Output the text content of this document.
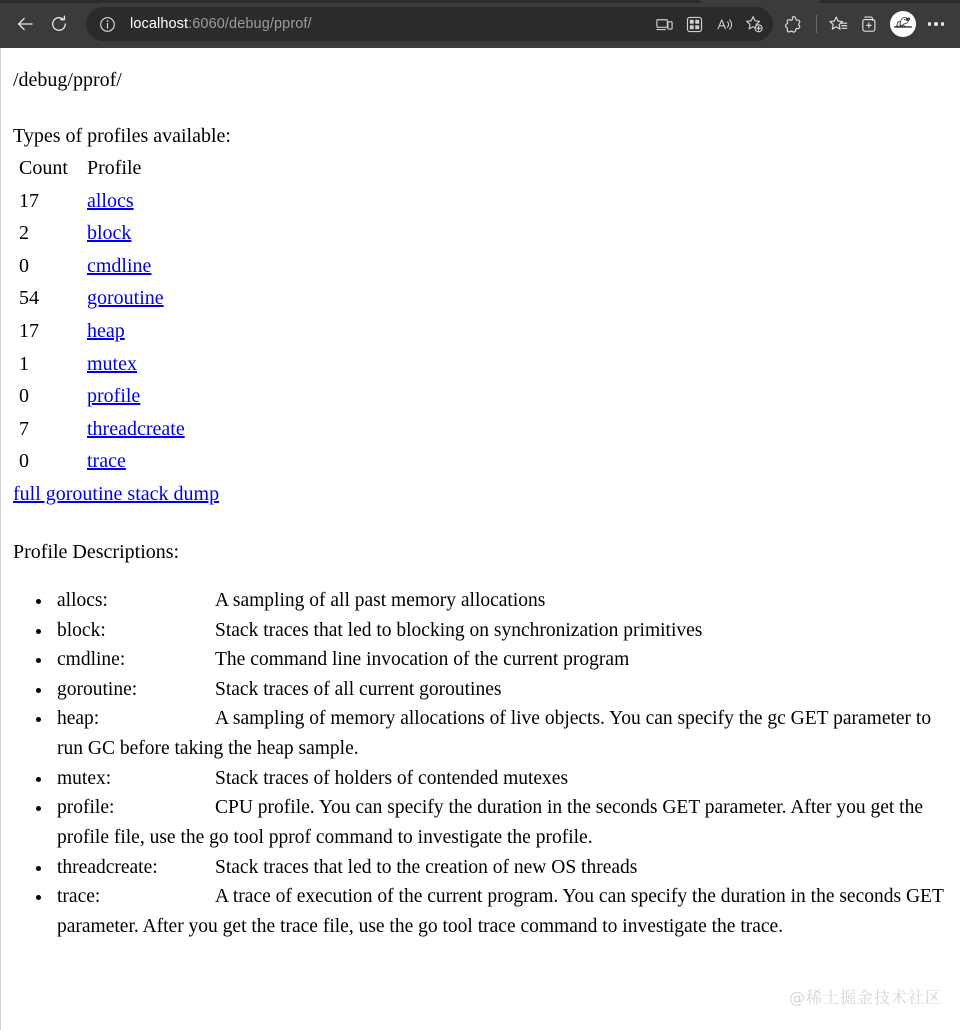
localhost:6060/debug/pprof/
/debug/pprof/
Types of profiles available:
Count	Profile
17	allocs
2	block
0	cmdline
54	goroutine
17	heap
1	mutex
0	profile
7	threadcreate
0	trace
full goroutine stack dump
Profile Descriptions:
• allocs:	A sampling of all past memory allocations
• block:	Stack traces that led to blocking on synchronization primitives
• cmdline:	The command line invocation of the current program
• goroutine:	Stack traces of all current goroutines
• heap:	A sampling of memory allocations of live objects. You can specify the gc GET parameter to run GC before taking the heap sample.
• mutex:	Stack traces of holders of contended mutexes
• profile:	CPU profile. You can specify the duration in the seconds GET parameter. After you get the profile file, use the go tool pprof command to investigate the profile.
• threadcreate:	Stack traces that led to the creation of new OS threads
• trace:	A trace of execution of the current program. You can specify the duration in the seconds GET parameter. After you get the trace file, use the go tool trace command to investigate the trace.
@稀土掘金技术社区
